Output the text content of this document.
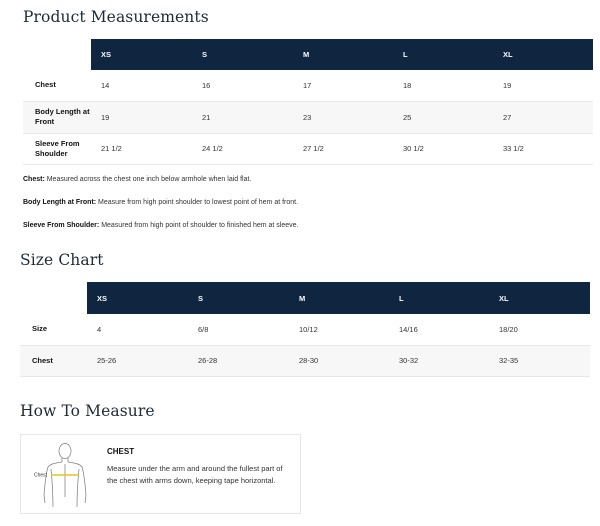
Product Measurements
	XS	S	M	L	XL
Chest	14	16	17	18	19
Body Length at Front	19	21	23	25	27
Sleeve From Shoulder	21 1/2	24 1/2	27 1/2	30 1/2	33 1/2

Chest: Measured across the chest one inch below armhole when laid flat.

Body Length at Front: Measure from high point shoulder to lowest point of hem at front.

Sleeve From Shoulder: Measured from high point of shoulder to finished hem at sleeve.

Size Chart
	XS	S	M	L	XL
Size	4	6/8	10/12	14/16	18/20
Chest	25-26	26-28	28-30	30-32	32-35
How To Measure
Chest
CHEST
Measure under the arm and around the fullest part of the chest with arms down, keeping tape horizontal.
